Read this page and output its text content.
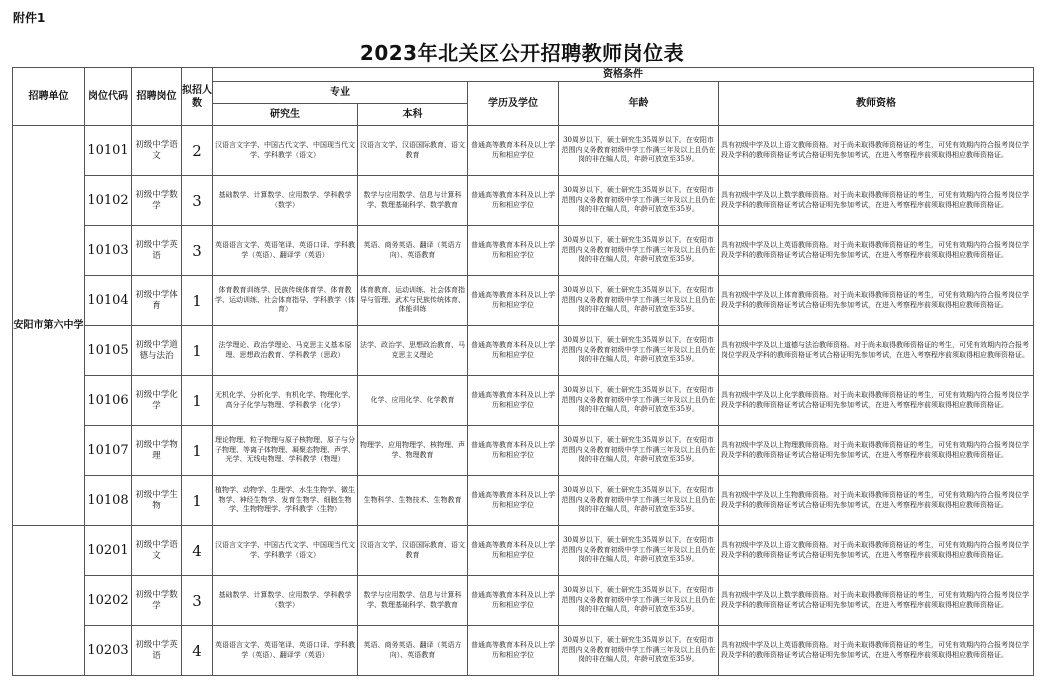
附件1
2023年北关区公开招聘教师岗位表
招聘单位	岗位代码	招聘岗位	拟招人数	资格条件				
				专业		学历及学位	年龄	教师资格
				研究生	本科			
安阳市第六中学	10101	初级中学语文	2	汉语言文字学、中国古代文学、中国现当代文学、学科教学（语文）	汉语言文学、汉语国际教育、语文教育	普通高等教育本科及以上学历和相应学位	30周岁以下，硕士研究生35周岁以下。在安阳市范围内义务教育初级中学工作满三年及以上且仍在岗的非在编人员，年龄可放宽至35岁。	具有初级中学及以上语文教师资格。对于尚未取得教师资格证的考生，可凭有效期内符合报考岗位学段及学科的教师资格证考试合格证明先参加考试，在进入考察程序前须取得相应教师资格证。
	10102	初级中学数学	3	基础数学、计算数学、应用数学、学科教学（数学）	数学与应用数学、信息与计算科学、数理基础科学、数学教育	普通高等教育本科及以上学历和相应学位	30周岁以下，硕士研究生35周岁以下。在安阳市范围内义务教育初级中学工作满三年及以上且仍在岗的非在编人员，年龄可放宽至35岁。	具有初级中学及以上数学教师资格。对于尚未取得教师资格证的考生，可凭有效期内符合报考岗位学段及学科的教师资格证考试合格证明先参加考试，在进入考察程序前须取得相应教师资格证。
	10103	初级中学英语	3	英语语言文学、英语笔译、英语口译、学科教学（英语）、翻译学（英语）	英语、商务英语、翻译（英语方向）、英语教育	普通高等教育本科及以上学历和相应学位	30周岁以下，硕士研究生35周岁以下。在安阳市范围内义务教育初级中学工作满三年及以上且仍在岗的非在编人员，年龄可放宽至35岁。	具有初级中学及以上英语教师资格。对于尚未取得教师资格证的考生，可凭有效期内符合报考岗位学段及学科的教师资格证考试合格证明先参加考试，在进入考察程序前须取得相应教师资格证。
	10104	初级中学体育	1	体育教育训练学、民族传统体育学、体育教学、运动训练、社会体育指导、学科教学（体育）	体育教育、运动训练、社会体育指导与管理、武术与民族传统体育、体能训练	普通高等教育本科及以上学历和相应学位	30周岁以下，硕士研究生35周岁以下。在安阳市范围内义务教育初级中学工作满三年及以上且仍在岗的非在编人员，年龄可放宽至35岁。	具有初级中学及以上体育教师资格。对于尚未取得教师资格证的考生，可凭有效期内符合报考岗位学段及学科的教师资格证考试合格证明先参加考试，在进入考察程序前须取得相应教师资格证。
	10105	初级中学道德与法治	1	法学理论、政治学理论、马克思主义基本原理、思想政治教育、学科教学（思政）	法学、政治学、思想政治教育、马克思主义理论	普通高等教育本科及以上学历和相应学位	30周岁以下，硕士研究生35周岁以下。在安阳市范围内义务教育初级中学工作满三年及以上且仍在岗的非在编人员，年龄可放宽至35岁。	具有初级中学及以上道德与法治教师资格。对于尚未取得教师资格证的考生，可凭有效期内符合报考岗位学段及学科的教师资格证考试合格证明先参加考试，在进入考察程序前须取得相应教师资格证。
	10106	初级中学化学	1	无机化学、分析化学、有机化学、物理化学、高分子化学与物理、学科教学（化学）	化学、应用化学、化学教育	普通高等教育本科及以上学历和相应学位	30周岁以下，硕士研究生35周岁以下。在安阳市范围内义务教育初级中学工作满三年及以上且仍在岗的非在编人员，年龄可放宽至35岁。	具有初级中学及以上化学教师资格。对于尚未取得教师资格证的考生，可凭有效期内符合报考岗位学段及学科的教师资格证考试合格证明先参加考试，在进入考察程序前须取得相应教师资格证。
	10107	初级中学物理	1	理论物理、粒子物理与原子核物理、原子与分子物理、等离子体物理、凝聚态物理、声学、光学、无线电物理、学科教学（物理）	物理学、应用物理学、核物理、声学、物理教育	普通高等教育本科及以上学历和相应学位	30周岁以下，硕士研究生35周岁以下。在安阳市范围内义务教育初级中学工作满三年及以上且仍在岗的非在编人员，年龄可放宽至35岁。	具有初级中学及以上物理教师资格。对于尚未取得教师资格证的考生，可凭有效期内符合报考岗位学段及学科的教师资格证考试合格证明先参加考试，在进入考察程序前须取得相应教师资格证。
	10108	初级中学生物	1	植物学、动物学、生理学、水生生物学、微生物学、神经生物学、发育生物学、细胞生物学、生物物理学、学科教学（生物）	生物科学、生物技术、生物教育	普通高等教育本科及以上学历和相应学位	30周岁以下，硕士研究生35周岁以下。在安阳市范围内义务教育初级中学工作满三年及以上且仍在岗的非在编人员，年龄可放宽至35岁。	具有初级中学及以上生物教师资格。对于尚未取得教师资格证的考生，可凭有效期内符合报考岗位学段及学科的教师资格证考试合格证明先参加考试，在进入考察程序前须取得相应教师资格证。
	10201	初级中学语文	4	汉语言文字学、中国古代文学、中国现当代文学、学科教学（语文）	汉语言文学、汉语国际教育、语文教育	普通高等教育本科及以上学历和相应学位	30周岁以下，硕士研究生35周岁以下。在安阳市范围内义务教育初级中学工作满三年及以上且仍在岗的非在编人员，年龄可放宽至35岁。	具有初级中学及以上语文教师资格。对于尚未取得教师资格证的考生，可凭有效期内符合报考岗位学段及学科的教师资格证考试合格证明先参加考试，在进入考察程序前须取得相应教师资格证。
	10202	初级中学数学	3	基础数学、计算数学、应用数学、学科教学（数学）	数学与应用数学、信息与计算科学、数理基础科学、数学教育	普通高等教育本科及以上学历和相应学位	30周岁以下，硕士研究生35周岁以下。在安阳市范围内义务教育初级中学工作满三年及以上且仍在岗的非在编人员，年龄可放宽至35岁。	具有初级中学及以上数学教师资格。对于尚未取得教师资格证的考生，可凭有效期内符合报考岗位学段及学科的教师资格证考试合格证明先参加考试，在进入考察程序前须取得相应教师资格证。
	10203	初级中学英语	4	英语语言文学、英语笔译、英语口译、学科教学（英语）、翻译学（英语）	英语、商务英语、翻译（英语方向）、英语教育	普通高等教育本科及以上学历和相应学位	30周岁以下，硕士研究生35周岁以下。在安阳市范围内义务教育初级中学工作满三年及以上且仍在岗的非在编人员，年龄可放宽至35岁。	具有初级中学及以上英语教师资格。对于尚未取得教师资格证的考生，可凭有效期内符合报考岗位学段及学科的教师资格证考试合格证明先参加考试，在进入考察程序前须取得相应教师资格证。
